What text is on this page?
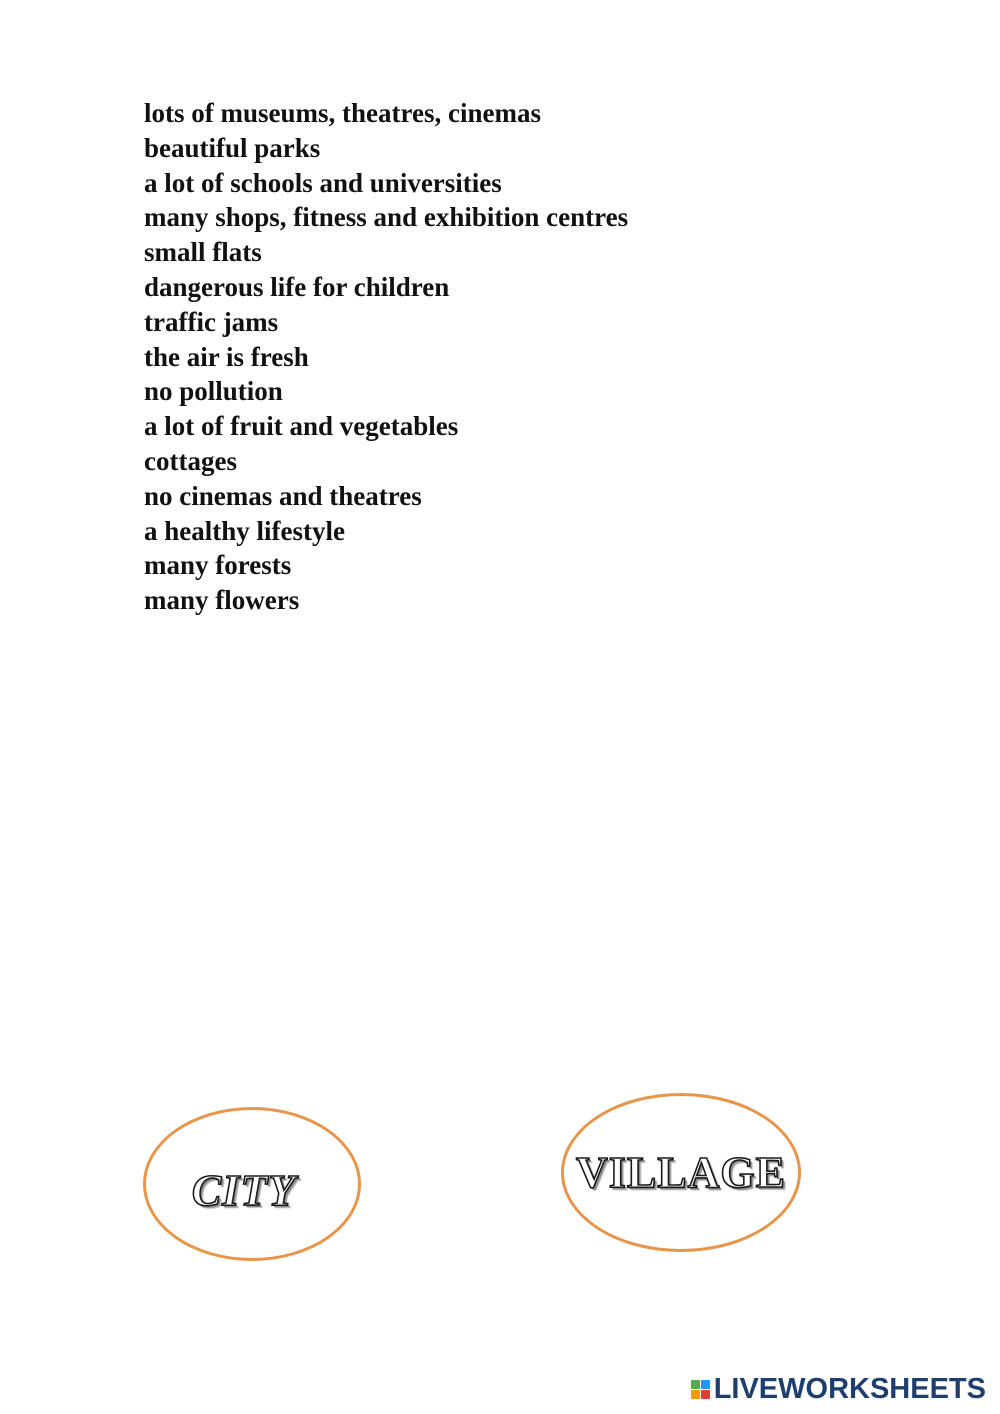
lots of museums, theatres, cinemas
beautiful parks
a lot of schools and universities
many shops, fitness and exhibition centres
small flats
dangerous life for children
traffic jams
the air is fresh
no pollution
a lot of fruit and vegetables
cottages
no cinemas and theatres
a healthy lifestyle
many forests
many flowers
CITY	VILLAGE
LIVEWORKSHEETS
